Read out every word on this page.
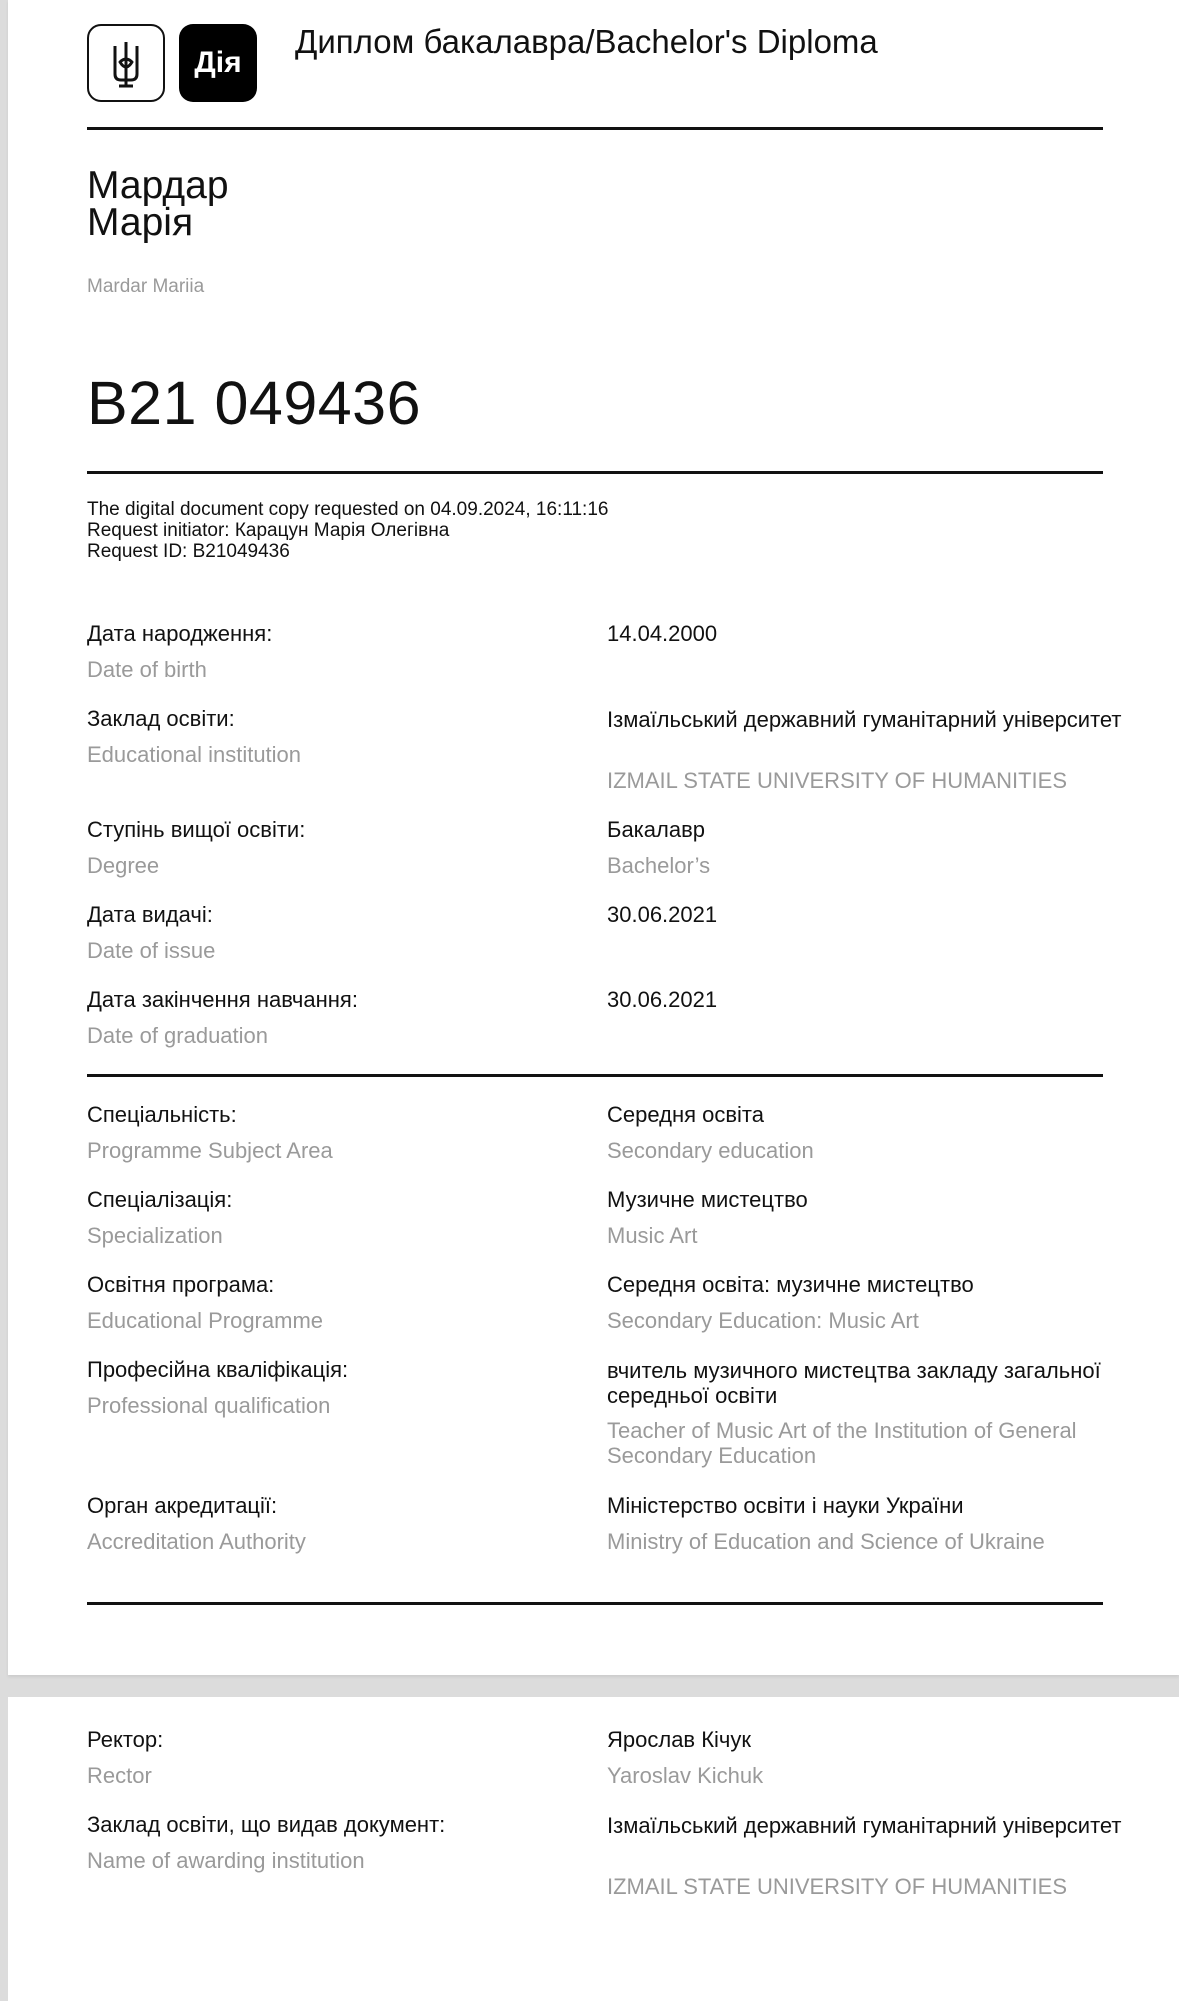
Дія
Диплом бакалавра/Bachelor's Diploma
Мардар
Марія
Mardar Mariia
B21 049436
The digital document copy requested on 04.09.2024, 16:11:16
Request initiator: Карацун Марія Олегівна
Request ID: B21049436
Дата народження:
Date of birth
14.04.2000
Заклад освіти:
Educational institution
Ізмаїльський державний гуманітарний університет
IZMAIL STATE UNIVERSITY OF HUMANITIES
Ступінь вищої освіти:
Degree
Бакалавр
Bachelor’s
Дата видачі:
Date of issue
30.06.2021
Дата закінчення навчання:
Date of graduation
30.06.2021
Спеціальність:
Programme Subject Area
Середня освіта
Secondary education
Спеціалізація:
Specialization
Музичне мистецтво
Music Art
Освітня програма:
Educational Programme
Середня освіта: музичне мистецтво
Secondary Education: Music Art
Професійна кваліфікація:
Professional qualification
вчитель музичного мистецтва закладу загальної середньої освіти
Teacher of Music Art of the Institution of General Secondary Education
Орган акредитації:
Accreditation Authority
Міністерство освіти і науки України
Ministry of Education and Science of Ukraine
Ректор:
Rector
Ярослав Кічук
Yaroslav Kichuk
Заклад освіти, що видав документ:
Name of awarding institution
Ізмаїльський державний гуманітарний університет
IZMAIL STATE UNIVERSITY OF HUMANITIES
